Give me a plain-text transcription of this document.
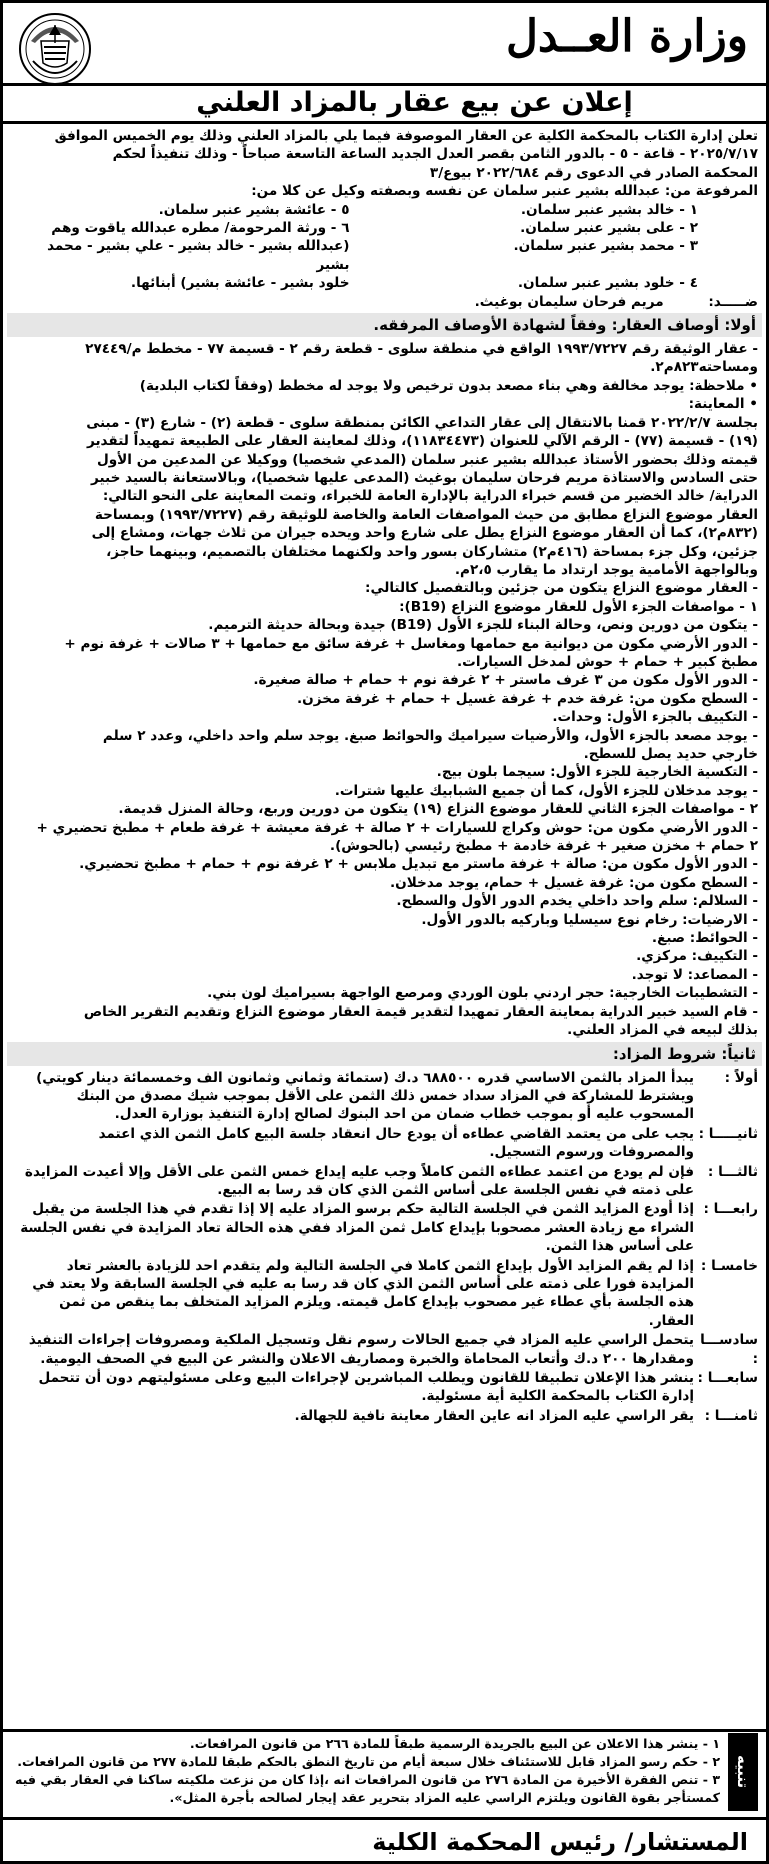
وزارة العــدل
إعلان عن بيع عقار بالمزاد العلني

تعلن إدارة الكتاب بالمحكمة الكلية عن العقار الموصوفة فيما يلي بالمزاد العلني وذلك يوم الخميس الموافق

٢٠٢٥/٧/١٧ - قاعة - ٥ - بالدور الثامن بقصر العدل الجديد الساعة التاسعة صباحاً - وذلك تنفيذاً لحكم

المحكمة الصادر في الدعوى رقم ٢٠٢٢/٦٨٤ بيوع/٣

المرفوعة من: عبدالله بشير عنبر سلمان عن نفسه وبصفته وكيل عن كلا من:

١ - خالد بشير عنبر سلمان.
٥ - عائشة بشير عنبر سلمان.
٢ - على بشير عنبر سلمان.
٦ - ورثة المرحومة/ مطره عبدالله ياقوت وهم
٣ - محمد بشير عنبر سلمان.
(عبدالله بشير - خالد بشير - علي بشير - محمد بشير
٤ - خلود بشير عنبر سلمان.
خلود بشير - عائشة بشير) أبنائها.

ضـــــد: مريم فرحان سليمان بوغيث.

أولا: أوصاف العقار: وفقاً لشهادة الأوصاف المرفقه.

- عقار الوثيقة رقم ١٩٩٣/٧٢٢٧ الواقع في منطقة سلوى - قطعة رقم ٢ - قسيمة ٧٧ - مخطط م/٢٧٤٤٩

ومساحته٨٢٣م٢.

• ملاحظة: يوجد مخالفة وهي بناء مصعد بدون ترخيص ولا يوجد له مخطط (وفقاً لكتاب البلدية)

• المعاينة:

بجلسة ٢٠٢٢/٢/٧ قمنا بالانتقال إلى عقار التداعي الكائن بمنطقة سلوى - قطعة (٢) - شارع (٣) - مبنى

(١٩) - قسيمة (٧٧) - الرقم الآلي للعنوان (١١٨٣٤٤٧٣)، وذلك لمعاينة العقار على الطبيعة تمهيداً لتقدير

قيمته وذلك بحضور الأستاذ عبدالله بشير عنبر سلمان (المدعي شخصيا) ووكيلا عن المدعين من الأول

حتى السادس والاستاذة مريم فرحان سليمان بوغيث (المدعى عليها شخصيا)، وبالاستعانة بالسيد خبير

الدراية/ خالد الخضير من قسم خبراء الدراية بالإدارة العامة للخبراء، وتمت المعاينة على النحو التالي:

العقار موضوع النزاع مطابق من حيث المواصفات العامة والخاصة للوثيقة رقم (١٩٩٣/٧٢٢٧) وبمساحة

(٨٣٢م٢)، كما أن العقار موضوع النزاع يطل على شارع واحد ويحده جيران من ثلاث جهات، ومشاع إلى

جزئين، وكل جزء بمساحة (٤١٦م٢) متشاركان بسور واحد ولكنهما مختلفان بالتصميم، وبينهما حاجز،

وبالواجهة الأمامية يوجد ارتداد ما يقارب ٢،٥م.

- العقار موضوع النزاع يتكون من جزئين وبالتفصيل كالتالي:

١ - مواصفات الجزء الأول للعقار موضوع النزاع (B19):

- يتكون من دورين ونص، وحالة البناء للجزء الأول (B19) جيدة وبحالة حديثة الترميم.

- الدور الأرضي مكون من ديوانية مع حمامها ومغاسل + غرفة سائق مع حمامها + ٣ صالات + غرفة نوم +

مطبخ كبير + حمام + حوش لمدخل السيارات.

- الدور الأول مكون من ٣ غرف ماستر + ٢ غرفة نوم + حمام + صالة صغيرة.

- السطح مكون من: غرفة خدم + غرفة غسيل + حمام + غرفة مخزن.

- التكييف بالجزء الأول: وحدات.

- يوجد مصعد بالجزء الأول، والأرضيات سيراميك والحوائط صبغ. يوجد سلم واحد داخلي، وعدد ٢ سلم

خارجي حديد يصل للسطح.

- التكسية الخارجية للجزء الأول: سيجما بلون بيج.

- يوجد مدخلان للجزء الأول، كما أن جميع الشبابيك عليها شترات.

٢ - مواصفات الجزء الثاني للعقار موضوع النزاع (١٩) يتكون من دورين وربع، وحالة المنزل قديمة.

- الدور الأرضي مكون من: حوش وكراج للسيارات + ٢ صالة + غرفة معيشة + غرفة طعام + مطبخ تحضيري +

٢ حمام + مخزن صغير + غرفة خادمة + مطبخ رئيسي (بالحوش).

- الدور الأول مكون من: صالة + غرفة ماستر مع تبديل ملابس + ٢ غرفة نوم + حمام + مطبخ تحضيري.

- السطح مكون من: غرفة غسيل + حمام، يوجد مدخلان.

- السلالم: سلم واحد داخلي يخدم الدور الأول والسطح.

- الارضيات: رخام نوع سيسليا وباركيه بالدور الأول.

- الحوائط: صبغ.

- التكييف: مركزي.

- المصاعد: لا توجد.

- التشطيبات الخارجية: حجر اردني بلون الوردي ومرصع الواجهة بسيراميك لون بني.

- قام السيد خبير الدراية بمعاينة العقار تمهيدا لتقدير قيمة العقار موضوع النزاع وتقديم التقرير الخاص

بذلك لبيعه في المزاد العلني.

ثانياً: شروط المزاد:
أولاً :
يبدأ المزاد بالثمن الاساسي قدره ٦٨٨٥٠٠ د.ك (ستمائة وثماني وثمانون الف وخمسمائة دينار كويتي) ويشترط للمشاركة في المزاد سداد خمس ذلك الثمن على الأقل بموجب شيك مصدق من البنك المسحوب عليه أو بموجب خطاب ضمان من احد البنوك لصالح إدارة التنفيذ بوزارة العدل.
ثانيـــــا :
يجب على من يعتمد القاضي عطاءه أن يودع حال انعقاد جلسة البيع كامل الثمن الذي اعتمد والمصروفات ورسوم التسجيل.
ثالثـــا :
فإن لم يودع من اعتمد عطاءه الثمن كاملاً وجب عليه إيداع خمس الثمن على الأقل وإلا أعيدت المزايدة على ذمته في نفس الجلسة على أساس الثمن الذي كان قد رسا به البيع.
رابعـــا :
إذا أودع المزايد الثمن في الجلسة التالية حكم برسو المزاد عليه إلا إذا تقدم في هذا الجلسة من يقبل الشراء مع زيادة العشر مصحوبا بإيداع كامل ثمن المزاد ففي هذه الحالة تعاد المزايدة في نفس الجلسة على أساس هذا الثمن.
خامسـا :
إذا لم يقم المزايد الأول بإيداع الثمن كاملا في الجلسة التالية ولم يتقدم احد للزيادة بالعشر تعاد المزايدة فورا على ذمته على أساس الثمن الذي كان قد رسا به عليه في الجلسة السابقة ولا يعتد في هذه الجلسة بأي عطاء غير مصحوب بإيداع كامل قيمته. ويلزم المزايد المتخلف بما ينقص من ثمن العقار.
سادســـا :
يتحمل الراسي عليه المزاد في جميع الحالات رسوم نقل وتسجيل الملكية ومصروفات إجراءات التنفيذ ومقدارها ٢٠٠ د.ك وأتعاب المحاماة والخبرة ومصاريف الاعلان والنشر عن البيع في الصحف اليومية.
سابعـــا :
ينشر هذا الإعلان تطبيقا للقانون ويطلب المباشرين لإجراءات البيع وعلى مسئوليتهم دون أن تتحمل إدارة الكتاب بالمحكمة الكلية أية مسئولية.
ثامنـــا :
يقر الراسي عليه المزاد انه عاين العقار معاينة نافية للجهالة.
تنبيه

١ - ينشر هذا الاعلان عن البيع بالجريدة الرسمية طبقاً للمادة ٢٦٦ من قانون المرافعات.

٢ - حكم رسو المزاد قابل للاستئناف خلال سبعة أيام من تاريخ النطق بالحكم طبقا للمادة ٢٧٧ من قانون المرافعات.

٣ - تنص الفقرة الأخيرة من المادة ٢٧٦ من قانون المرافعات انه ،إذا كان من نزعت ملكيته ساكنا في العقار بقي فيه كمستأجر بقوة القانون ويلتزم الراسي عليه المزاد بتحرير عقد إيجار لصالحه بأجرة المثل».

المستشار/ رئيس المحكمة الكلية
